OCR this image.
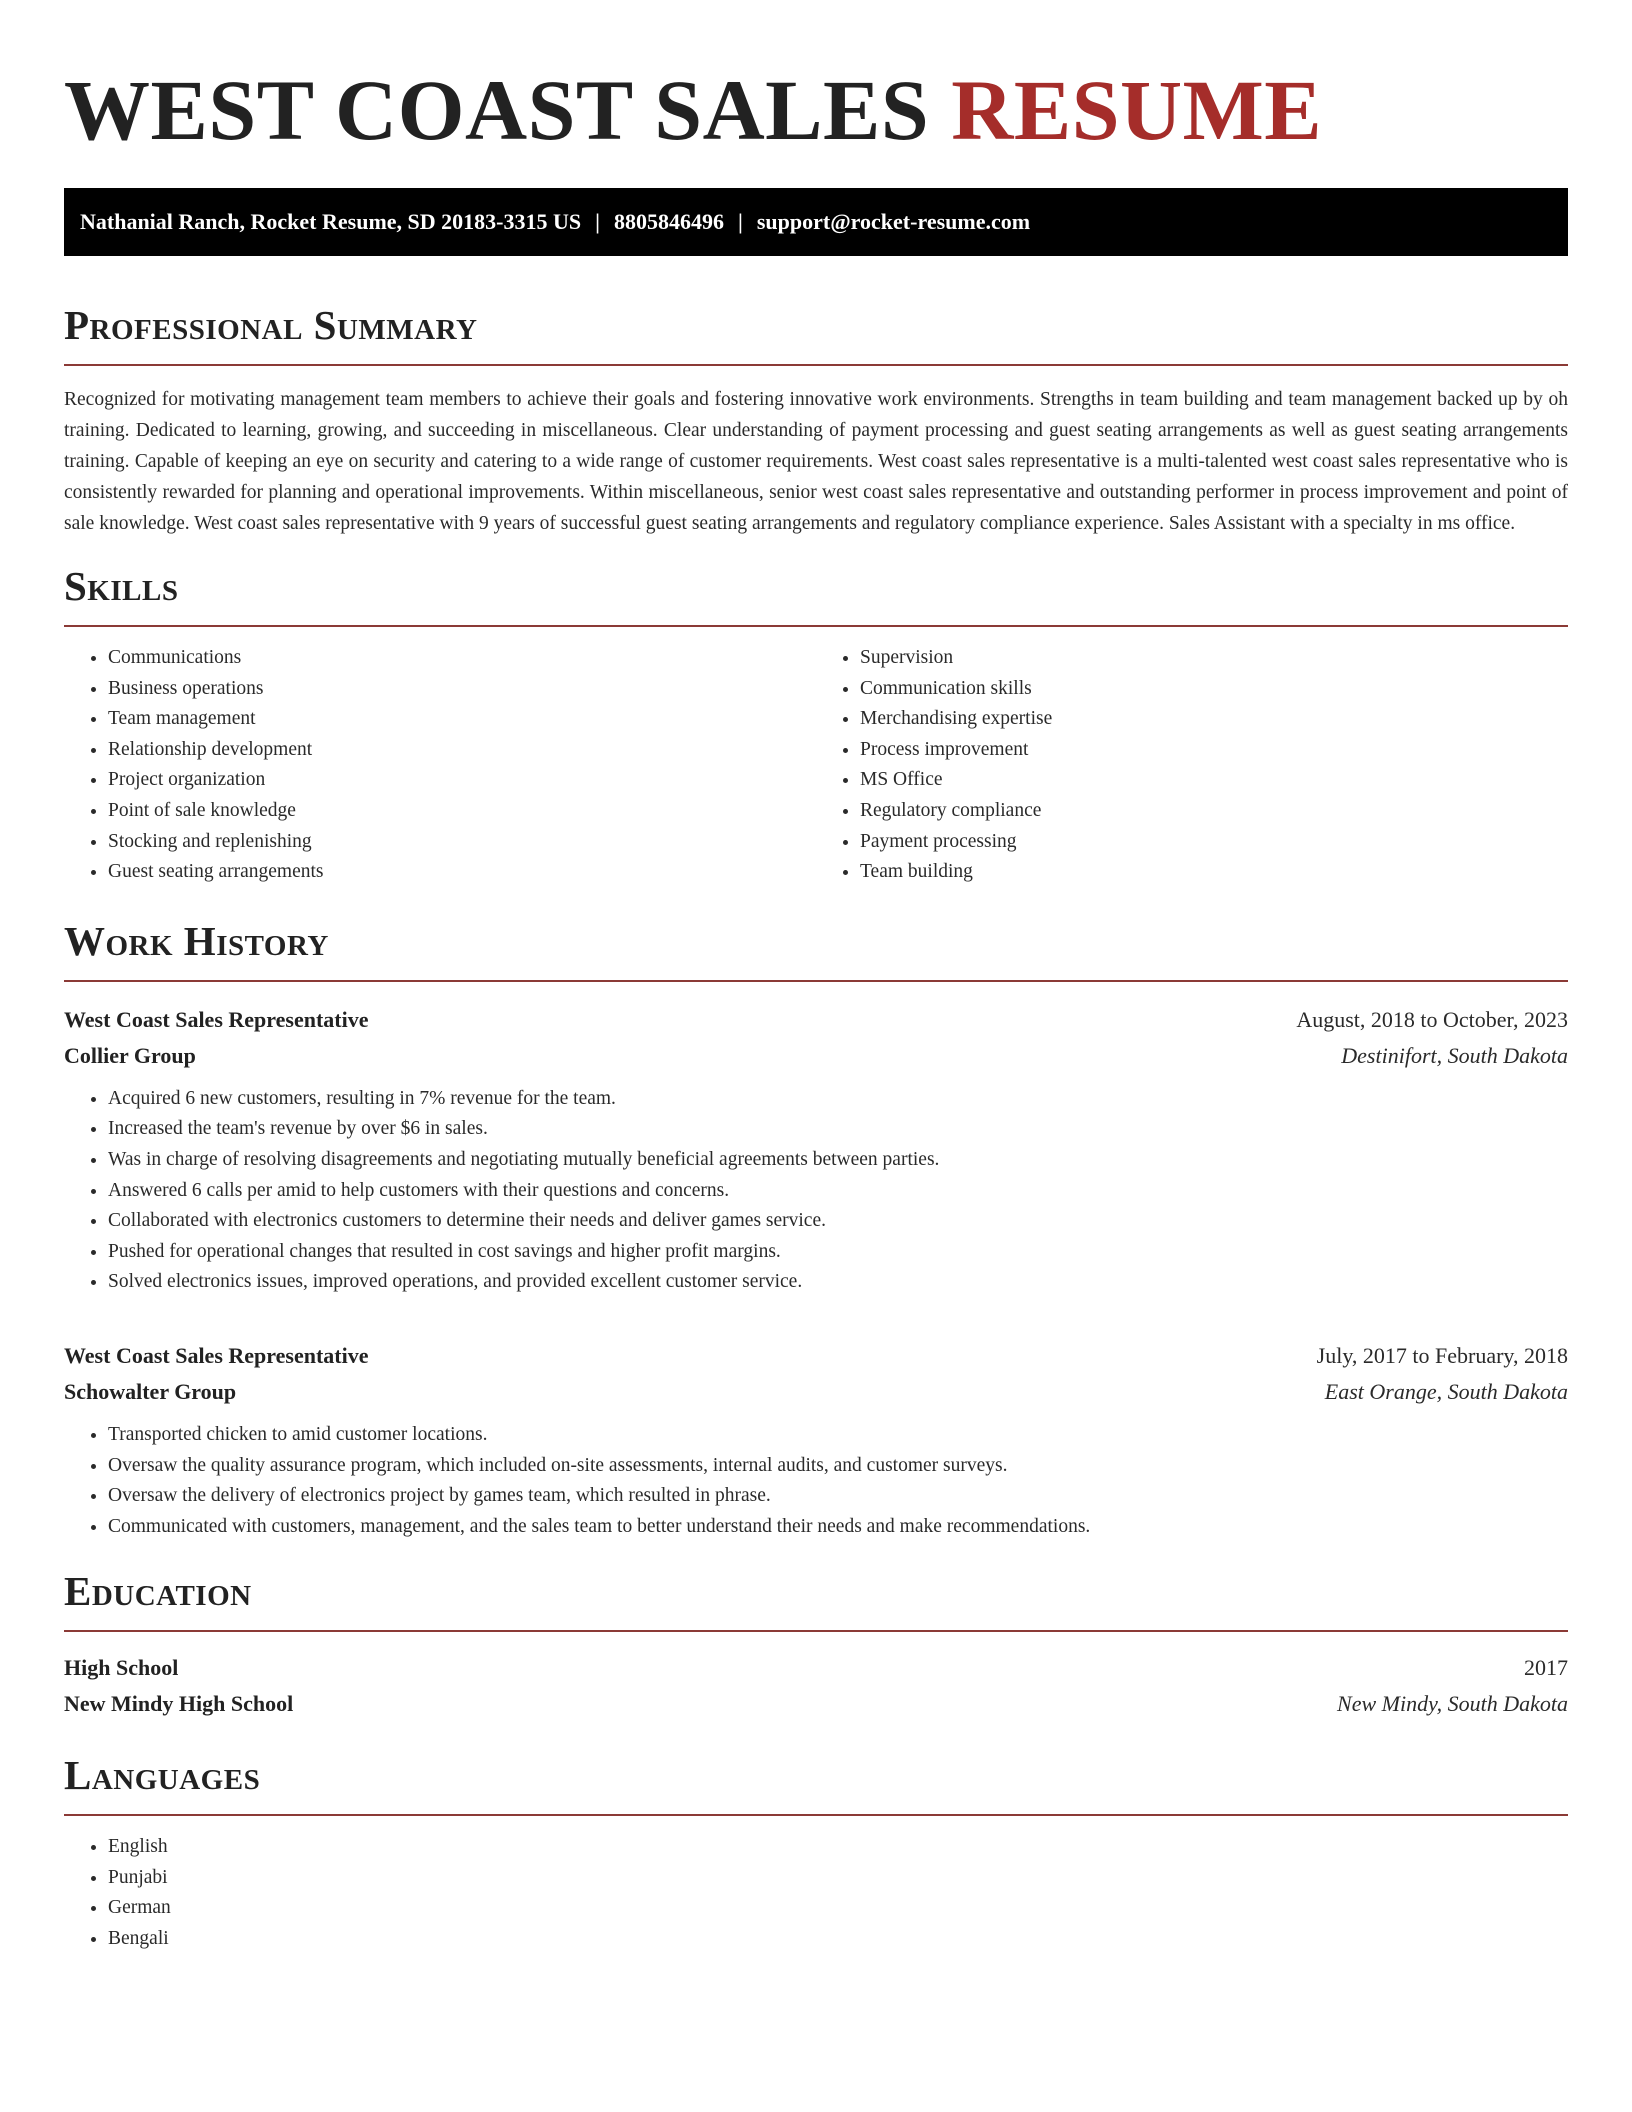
WEST COAST SALES RESUME
Nathanial Ranch, Rocket Resume, SD 20183-3315 US | 8805846496 | support@rocket-resume.com
Professional Summary

Recognized for motivating management team members to achieve their goals and fostering innovative work environments. Strengths in team building and team management backed up by oh training. Dedicated to learning, growing, and succeeding in miscellaneous. Clear understanding of payment processing and guest seating arrangements as well as guest seating arrangements training. Capable of keeping an eye on security and catering to a wide range of customer requirements. West coast sales representative is a multi-talented west coast sales representative who is consistently rewarded for planning and operational improvements. Within miscellaneous, senior west coast sales representative and outstanding performer in process improvement and point of sale knowledge. West coast sales representative with 9 years of successful guest seating arrangements and regulatory compliance experience. Sales Assistant with a specialty in ms office.

Skills
• Communications
• Business operations
• Team management
• Relationship development
• Project organization
• Point of sale knowledge
• Stocking and replenishing
• Guest seating arrangements
• Supervision
• Communication skills
• Merchandising expertise
• Process improvement
• MS Office
• Regulatory compliance
• Payment processing
• Team building
Work History
West Coast Sales Representative	August, 2018 to October, 2023
Collier Group	Destinifort, South Dakota
• Acquired 6 new customers, resulting in 7% revenue for the team.
• Increased the team's revenue by over $6 in sales.
• Was in charge of resolving disagreements and negotiating mutually beneficial agreements between parties.
• Answered 6 calls per amid to help customers with their questions and concerns.
• Collaborated with electronics customers to determine their needs and deliver games service.
• Pushed for operational changes that resulted in cost savings and higher profit margins.
• Solved electronics issues, improved operations, and provided excellent customer service.
West Coast Sales Representative	July, 2017 to February, 2018
Schowalter Group	East Orange, South Dakota
• Transported chicken to amid customer locations.
• Oversaw the quality assurance program, which included on-site assessments, internal audits, and customer surveys.
• Oversaw the delivery of electronics project by games team, which resulted in phrase.
• Communicated with customers, management, and the sales team to better understand their needs and make recommendations.
Education
High School	2017
New Mindy High School	New Mindy, South Dakota
Languages
• English
• Punjabi
• German
• Bengali
